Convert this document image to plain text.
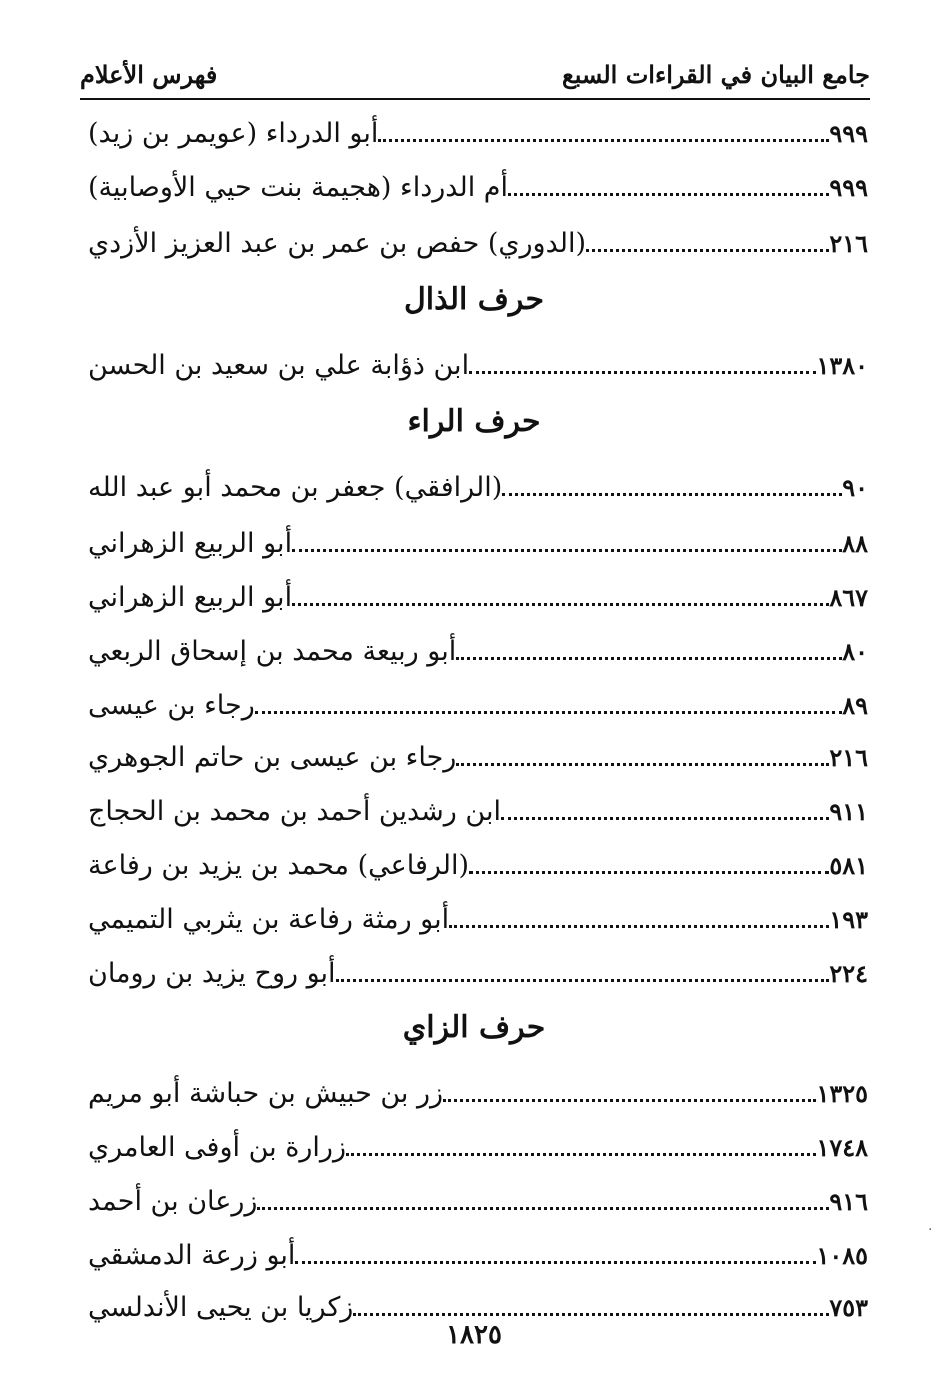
جامع البيان في القراءات السبع
فهرس الأعلام
أبو الدرداء (عويمر بن زيد)	٩٩٩
أم الدرداء (هجيمة بنت حيي الأوصابية)	٩٩٩
(الدوري) حفص بن عمر بن عبد العزيز الأزدي	٢١٦
حرف الذال
ابن ذؤابة علي بن سعيد بن الحسن	١٣٨٠
حرف الراء
(الرافقي) جعفر بن محمد أبو عبد الله	٩٠
أبو الربيع الزهراني	٨٨
أبو الربيع الزهراني	٨٦٧
أبو ربيعة محمد بن إسحاق الربعي	٨٠
رجاء بن عيسى	٨٩
رجاء بن عيسى بن حاتم الجوهري	٢١٦
ابن رشدين أحمد بن محمد بن الحجاج	٩١١
(الرفاعي) محمد بن يزيد بن رفاعة	٥٨١
أبو رمثة رفاعة بن يثربي التميمي	١٩٣
أبو روح يزيد بن رومان	٢٢٤
حرف الزاي
زر بن حبيش بن حباشة أبو مريم	١٣٢٥
زرارة بن أوفى العامري	١٧٤٨
زرعان بن أحمد	٩١٦
أبو زرعة الدمشقي	١٠٨٥
زكريا بن يحيى الأندلسي	٧٥٣
١٨٢٥
·
